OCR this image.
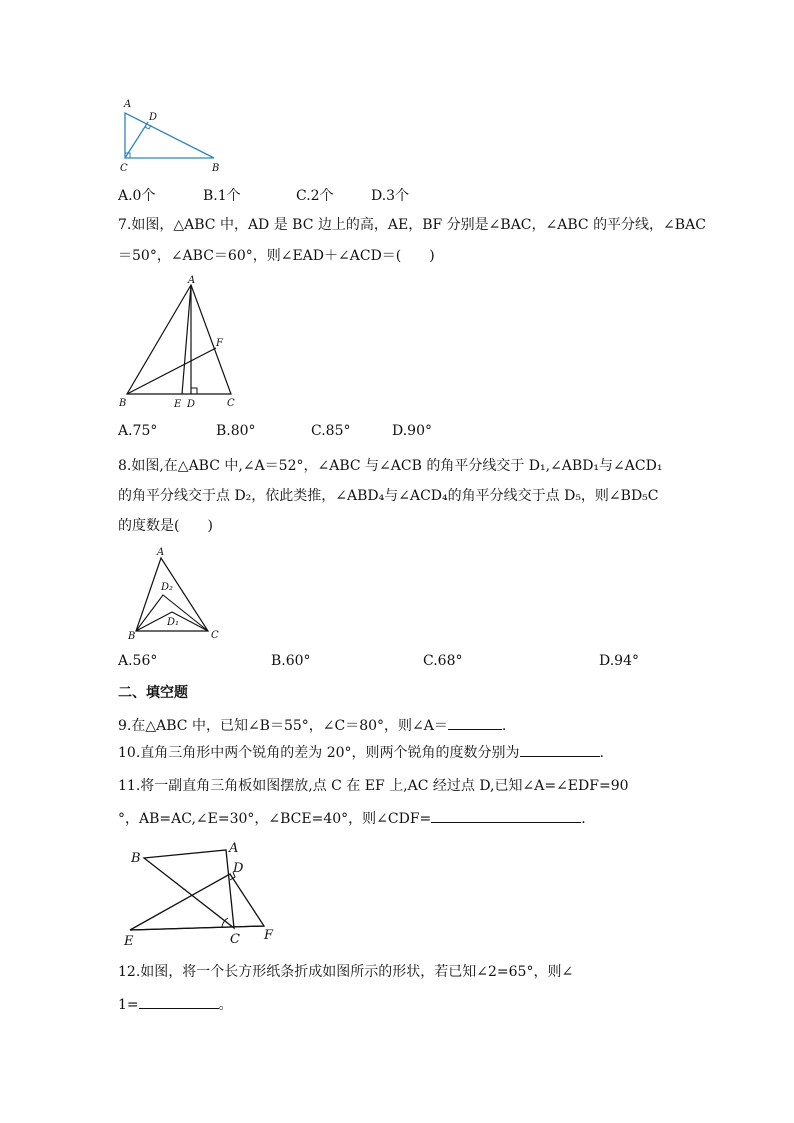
A
D
C	B
A.0个	B.1个	C.2个	D.3个
7.如图，△ABC 中，AD 是 BC 边上的高，AE，BF 分别是∠BAC，∠ABC 的平分线，∠BAC
＝50°，∠ABC＝60°，则∠EAD＋∠ACD＝(　　)
A
F
B	E D	C
A.75°	B.80°	C.85°	D.90°
8.如图,在△ABC 中,∠A＝52°，∠ABC 与∠ACB 的角平分线交于 D₁,∠ABD₁与∠ACD₁
的角平分线交于点 D₂，依此类推，∠ABD₄与∠ACD₄的角平分线交于点 D₅，则∠BD₅C
的度数是(　　)
A
D₂
D₁
B	C
A.56°	B.60°	C.68°	D.94°
二、填空题
9.在△ABC 中，已知∠B＝55°，∠C＝80°，则∠A＝	.
10.直角三角形中两个锐角的差为 20°，则两个锐角的度数分别为	.
11.将一副直角三角板如图摆放,点 C 在 EF 上,AC 经过点 D,已知∠A=∠EDF=90
°，AB=AC,∠E=30°，∠BCE=40°，则∠CDF=	.
B
A
D
E	C F
12.如图，将一个长方形纸条折成如图所示的形状，若已知∠2=65°，则∠
1=	。
